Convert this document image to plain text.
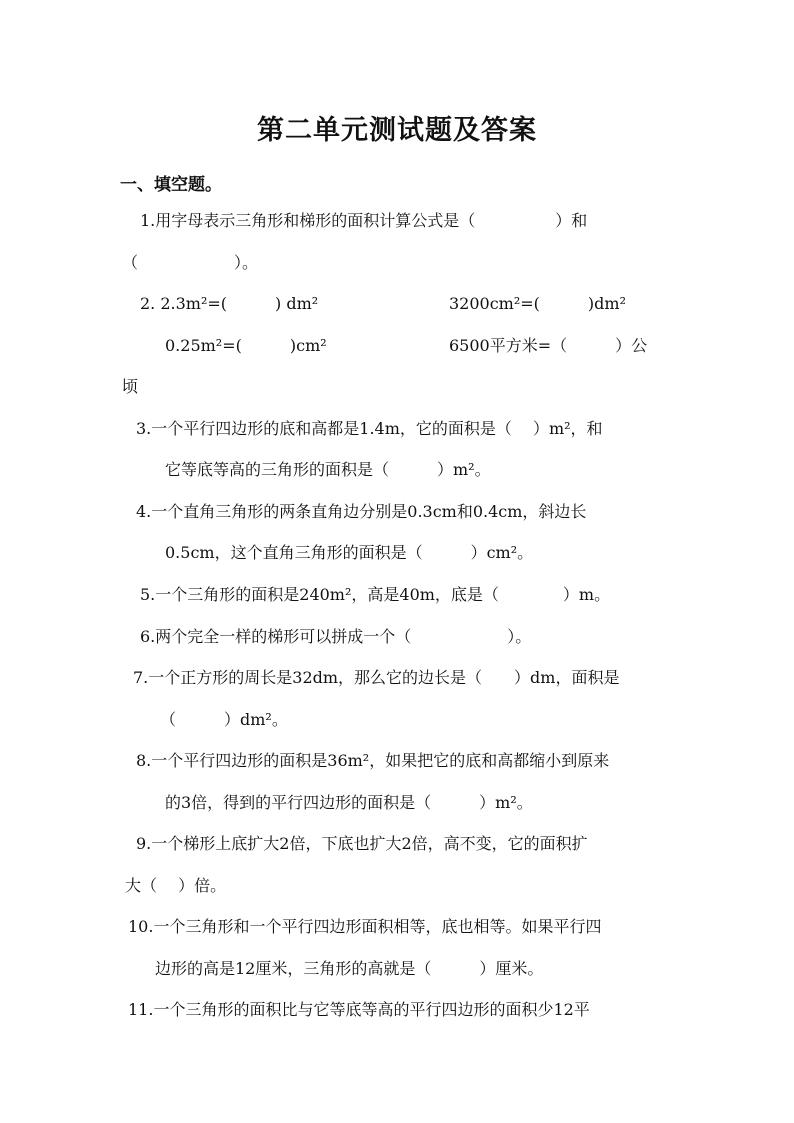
第二单元测试题及答案
一、填空题。
1.用字母表示三角形和梯形的面积计算公式是（　　　　　）和
（　　　　　　）。
2. 2.3m²=(　　　) dm²	3200cm²=(　　　)dm²
0.25m²=(　　　)cm²	6500平方米=（　　　）公
顷
3.一个平行四边形的底和高都是1.4m，它的面积是（　 ）m²，和
它等底等高的三角形的面积是（　　　）m²。
4.一个直角三角形的两条直角边分别是0.3cm和0.4cm，斜边长
0.5cm，这个直角三角形的面积是（　　　）cm²。
5.一个三角形的面积是240m²，高是40m，底是（　　　　）m。
6.两个完全一样的梯形可以拼成一个（　　　　　　）。
7.一个正方形的周长是32dm，那么它的边长是（　　）dm，面积是
（　　　）dm²。
8.一个平行四边形的面积是36m²，如果把它的底和高都缩小到原来
的3倍，得到的平行四边形的面积是（　　　）m²。
9.一个梯形上底扩大2倍，下底也扩大2倍，高不变，它的面积扩
大（　 ）倍。
10.一个三角形和一个平行四边形面积相等，底也相等。如果平行四
边形的高是12厘米，三角形的高就是（　　　）厘米。
11.一个三角形的面积比与它等底等高的平行四边形的面积少12平
